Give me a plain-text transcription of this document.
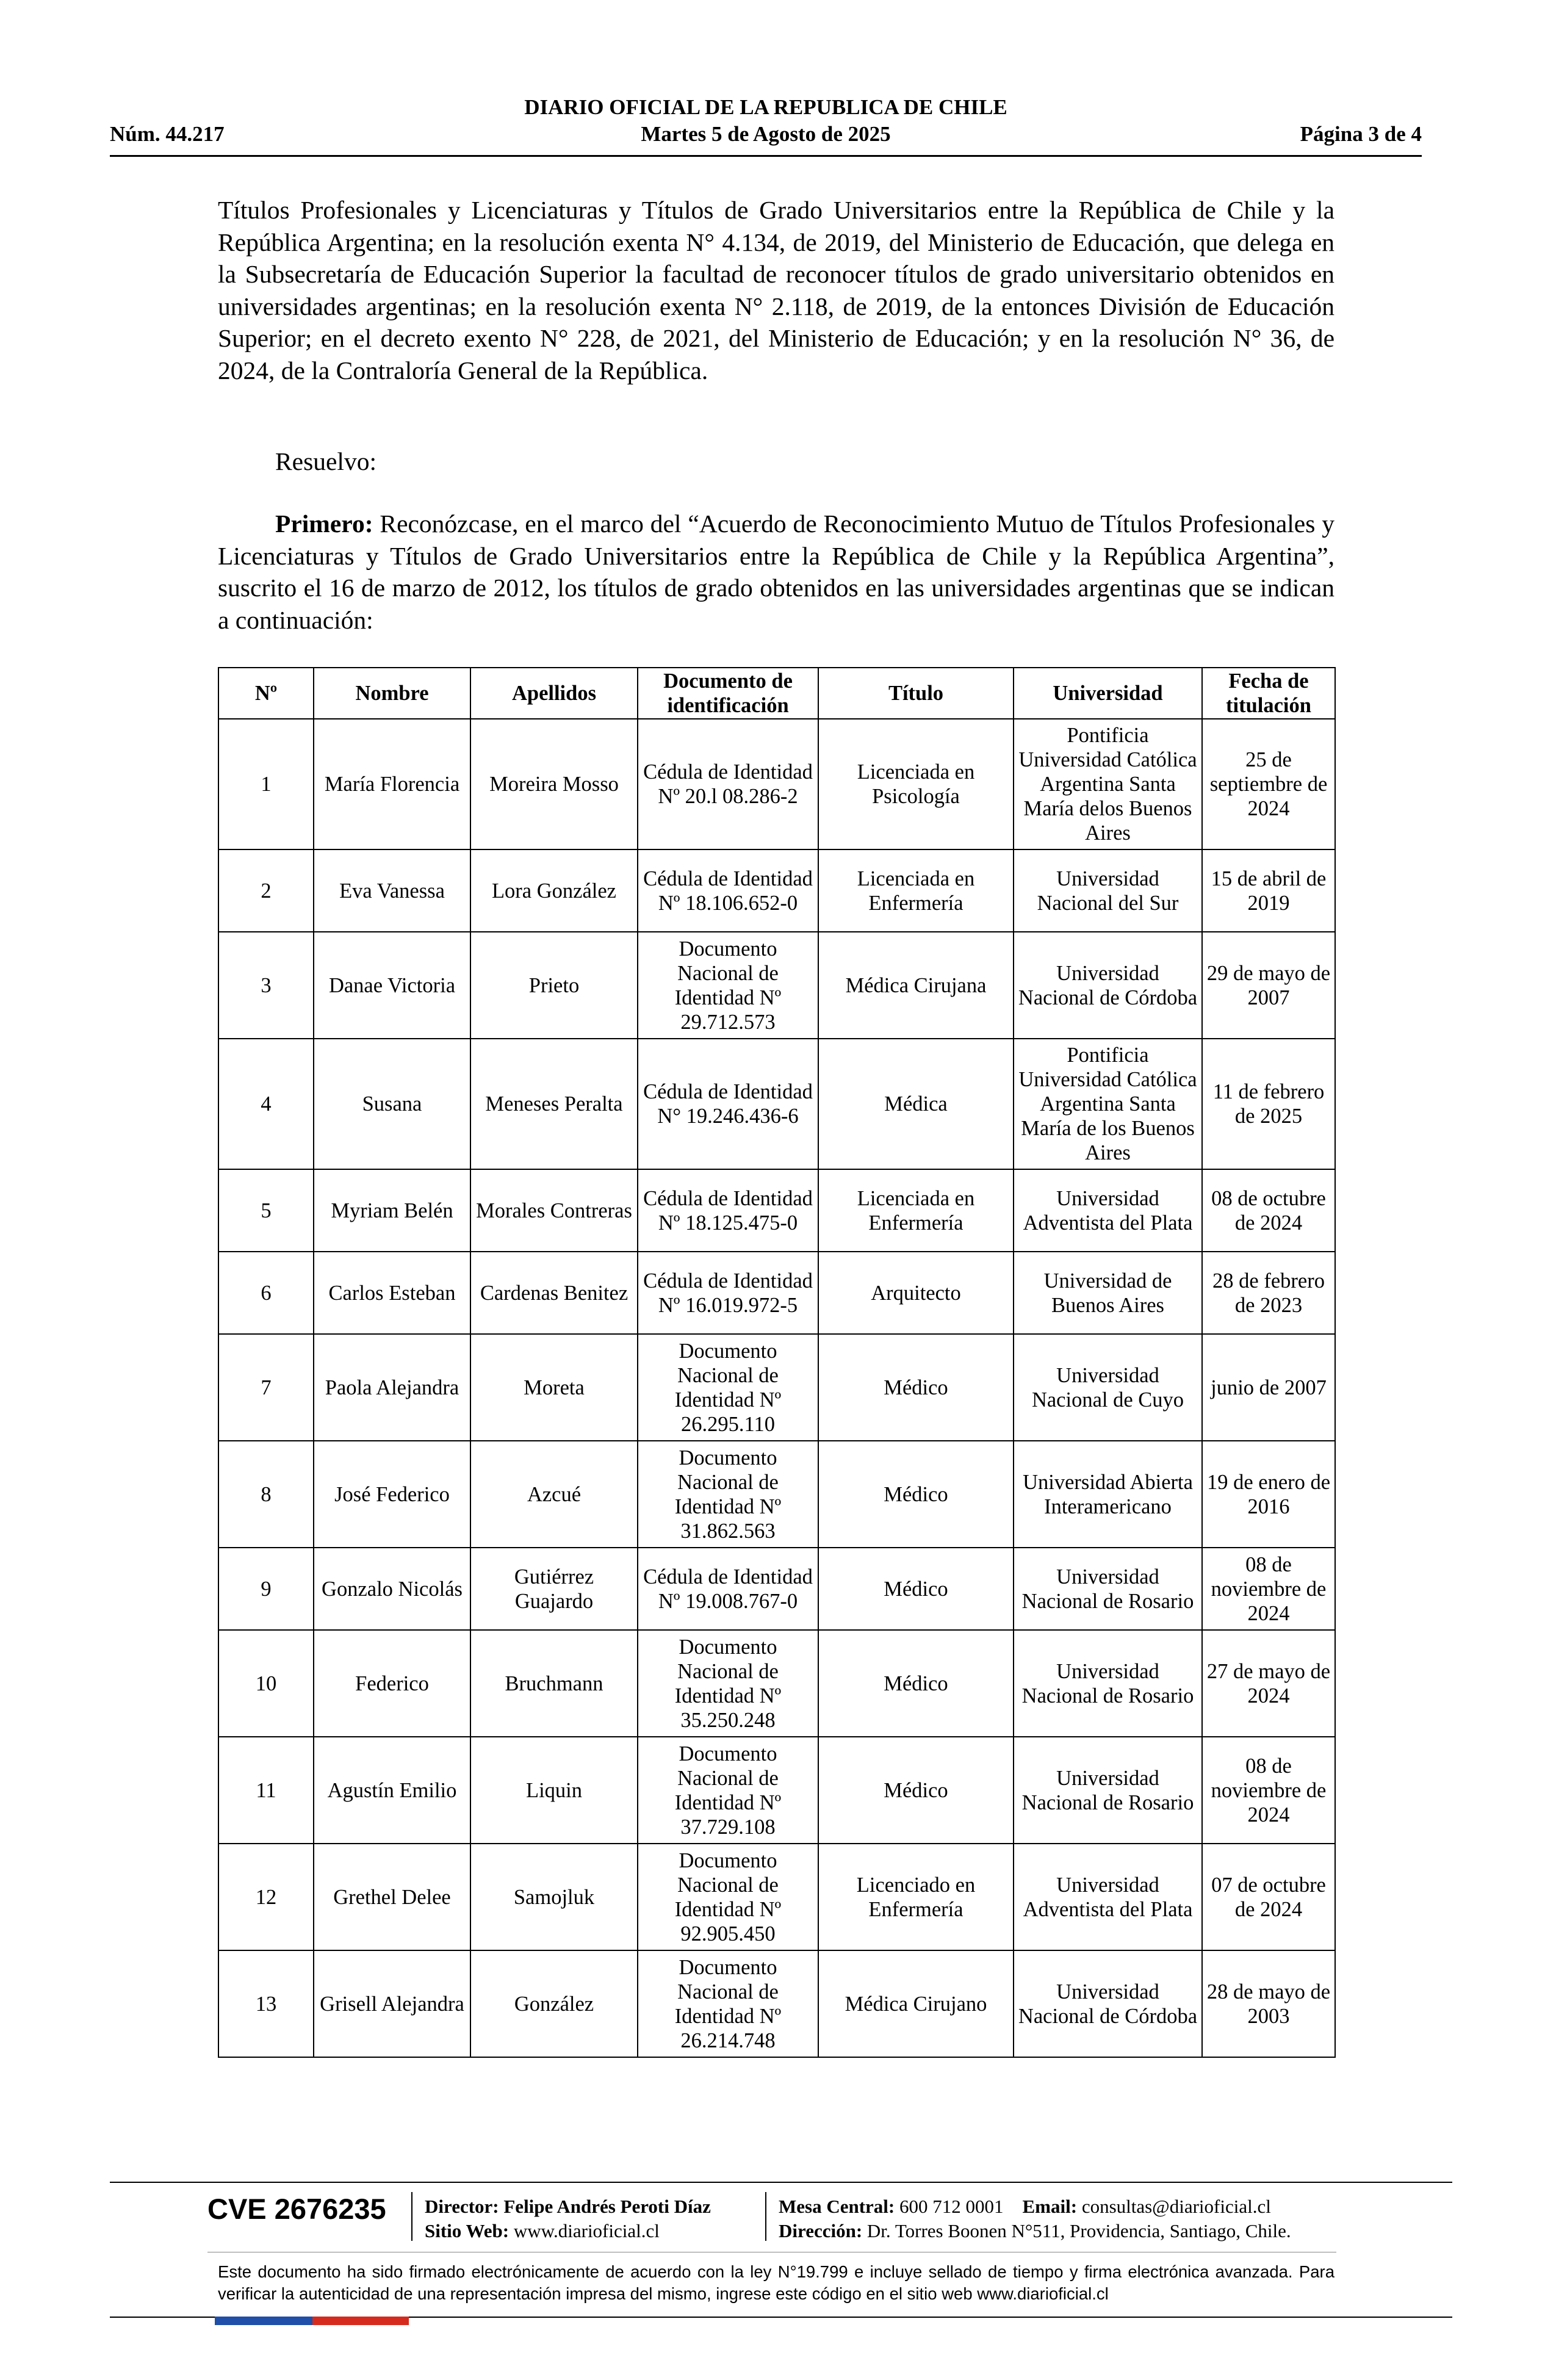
DIARIO OFICIAL DE LA REPUBLICA DE CHILE
Martes 5 de Agosto de 2025
Núm. 44.217	Página 3 de 4
Títulos Profesionales y Licenciaturas y Títulos de Grado Universitarios entre la República de Chile y la República Argentina; en la resolución exenta N° 4.134, de 2019, del Ministerio de Educación, que delega en la Subsecretaría de Educación Superior la facultad de reconocer títulos de grado universitario obtenidos en universidades argentinas; en la resolución exenta N° 2.118, de 2019, de la entonces División de Educación Superior; en el decreto exento N° 228, de 2021, del Ministerio de Educación; y en la resolución N° 36, de 2024, de la Contraloría General de la República.
Resuelvo:
Primero: Reconózcase, en el marco del “Acuerdo de Reconocimiento Mutuo de Títulos Profesionales y Licenciaturas y Títulos de Grado Universitarios entre la República de Chile y la República Argentina”, suscrito el 16 de marzo de 2012, los títulos de grado obtenidos en las universidades argentinas que se indican a continuación:
Nº	Nombre	Apellidos	Documento de identificación	Título	Universidad	Fecha de titulación
1	María Florencia	Moreira Mosso	Cédula de Identidad Nº 20.l 08.286-2	Licenciada en Psicología	Pontificia Universidad Católica Argentina Santa María delos Buenos Aires	25 de septiembre de 2024
2	Eva Vanessa	Lora González	Cédula de Identidad Nº 18.106.652-0	Licenciada en Enfermería	Universidad Nacional del Sur	15 de abril de 2019
3	Danae Victoria	Prieto	Documento Nacional de Identidad Nº 29.712.573	Médica Cirujana	Universidad Nacional de Córdoba	29 de mayo de 2007
4	Susana	Meneses Peralta	Cédula de Identidad N° 19.246.436-6	Médica	Pontificia Universidad Católica Argentina Santa María de los Buenos Aires	11 de febrero de 2025
5	Myriam Belén	Morales Contreras	Cédula de Identidad Nº 18.125.475-0	Licenciada en Enfermería	Universidad Adventista del Plata	08 de octubre de 2024
6	Carlos Esteban	Cardenas Benitez	Cédula de Identidad Nº 16.019.972-5	Arquitecto	Universidad de Buenos Aires	28 de febrero de 2023
7	Paola Alejandra	Moreta	Documento Nacional de Identidad Nº 26.295.110	Médico	Universidad Nacional de Cuyo	junio de 2007
8	José Federico	Azcué	Documento Nacional de Identidad Nº 31.862.563	Médico	Universidad Abierta Interamericano	19 de enero de 2016
9	Gonzalo Nicolás	Gutiérrez Guajardo	Cédula de Identidad Nº 19.008.767-0	Médico	Universidad Nacional de Rosario	08 de noviembre de 2024
10	Federico	Bruchmann	Documento Nacional de Identidad Nº 35.250.248	Médico	Universidad Nacional de Rosario	27 de mayo de 2024
11	Agustín Emilio	Liquin	Documento Nacional de Identidad Nº 37.729.108	Médico	Universidad Nacional de Rosario	08 de noviembre de 2024
12	Grethel Delee	Samojluk	Documento Nacional de Identidad Nº 92.905.450	Licenciado en Enfermería	Universidad Adventista del Plata	07 de octubre de 2024
13	Grisell Alejandra	González	Documento Nacional de Identidad Nº 26.214.748	Médica Cirujano	Universidad Nacional de Córdoba	28 de mayo de 2003
CVE 2676235 Director: Felipe Andrés Peroti Díaz
Sitio Web: www.diarioficial.cl
Mesa Central: 600 712 0001 Email: consultas@diarioficial.cl
Dirección: Dr. Torres Boonen N°511, Providencia, Santiago, Chile.
Este documento ha sido firmado electrónicamente de acuerdo con la ley N°19.799 e incluye sellado de tiempo y firma electrónica avanzada. Para verificar la autenticidad de una representación impresa del mismo, ingrese este código en el sitio web www.diarioficial.cl
